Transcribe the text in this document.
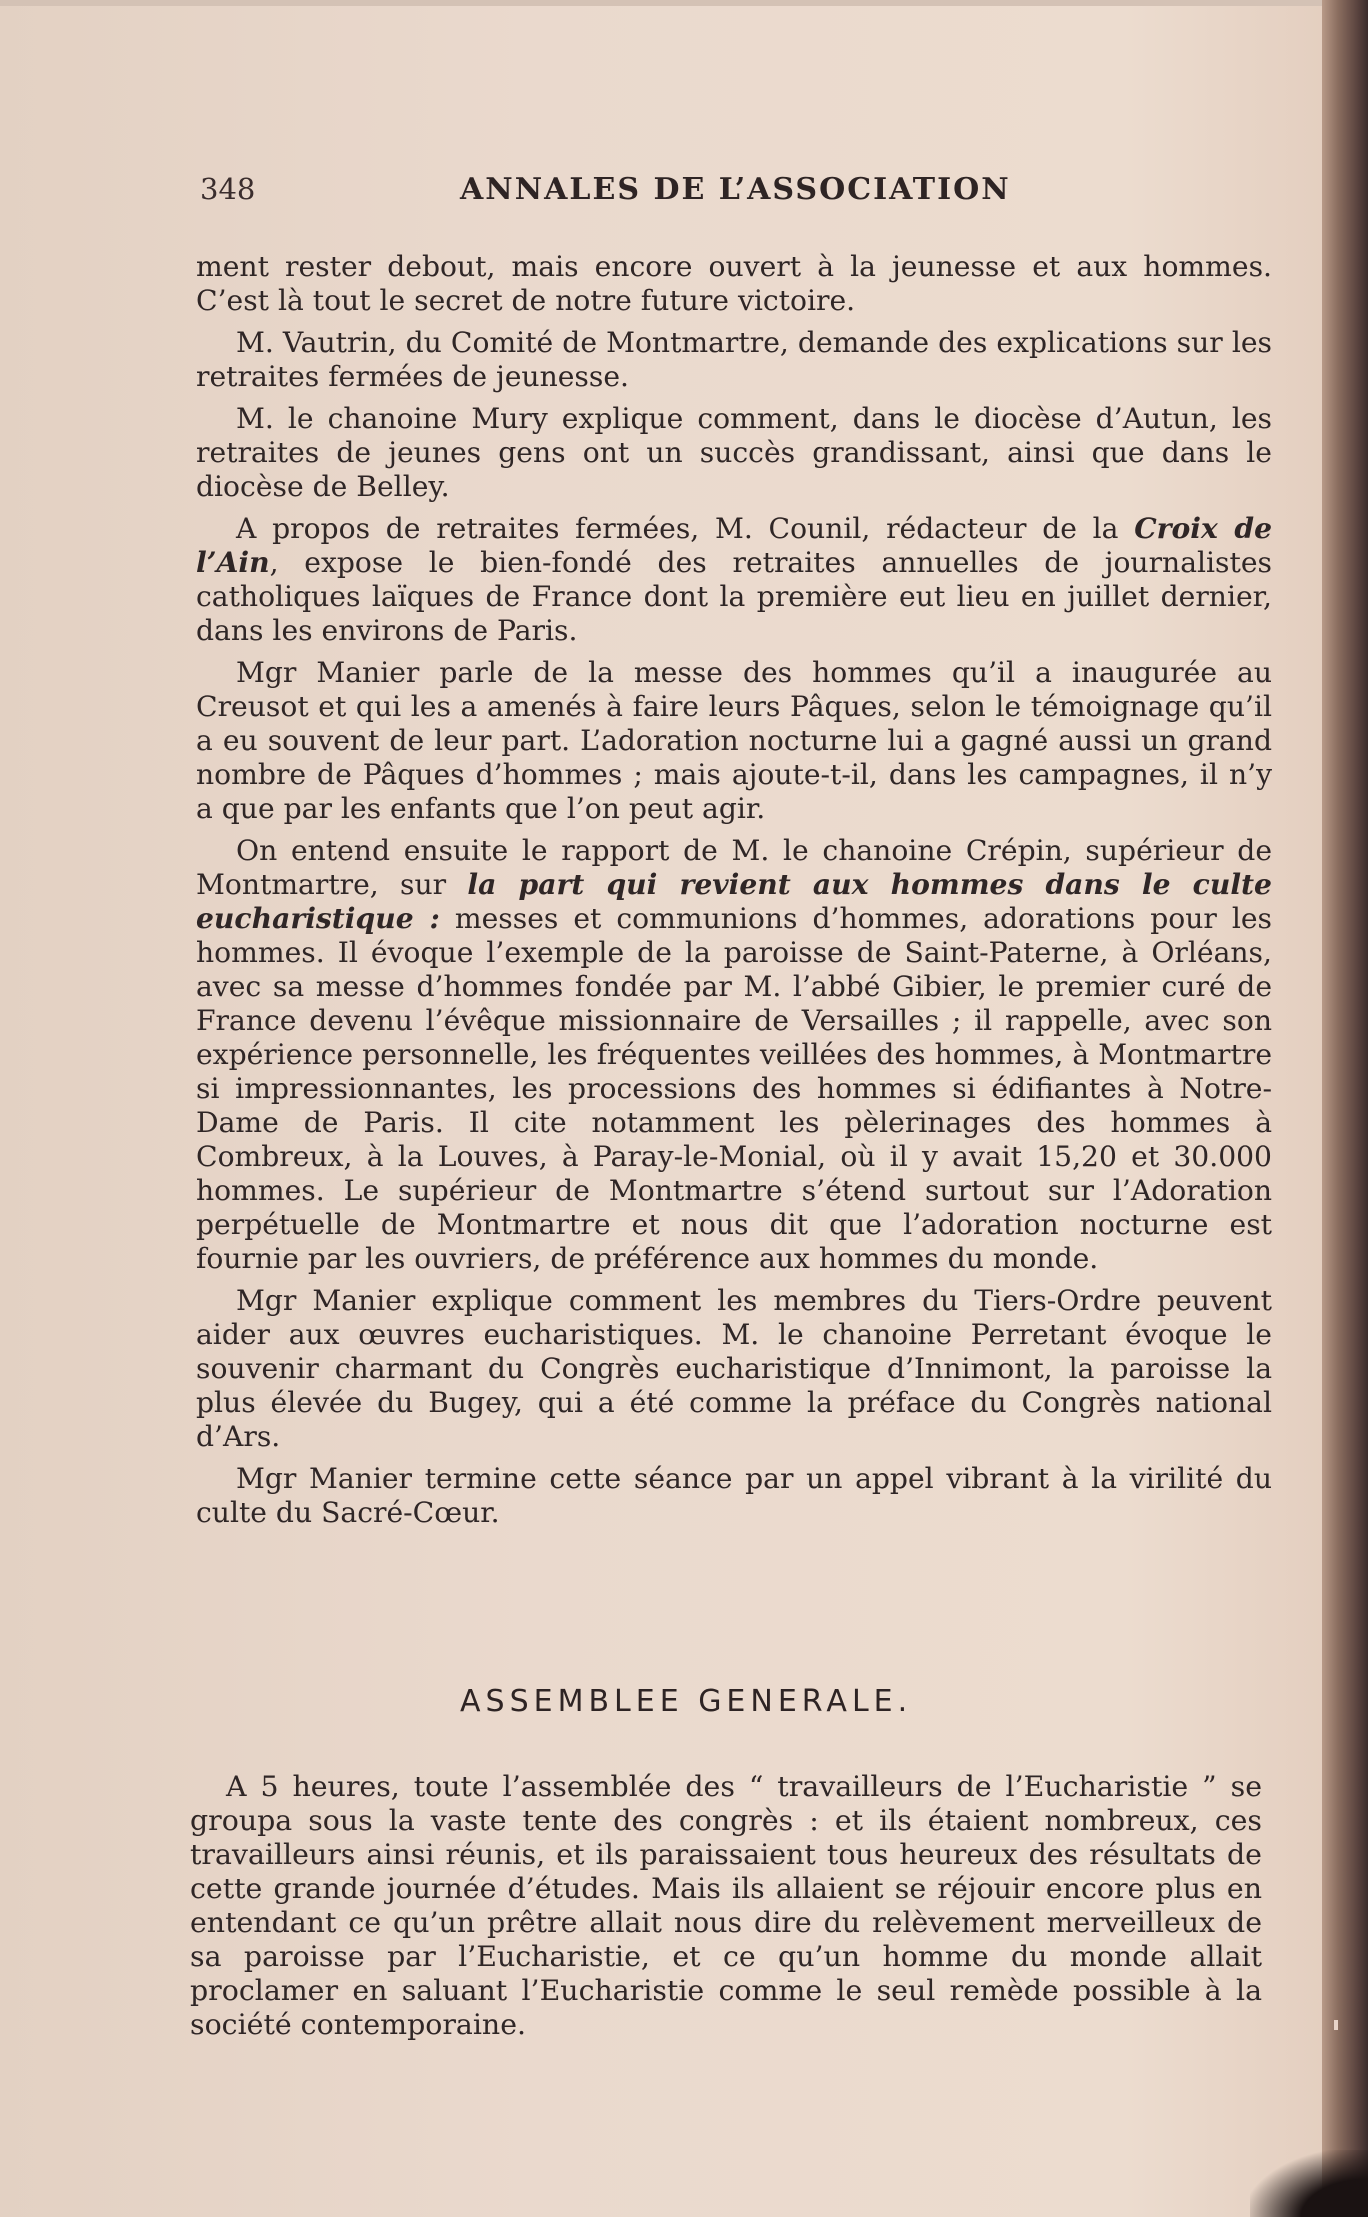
348	ANNALES DE L’ASSOCIATION

ment rester debout, mais encore ouvert à la jeunesse et aux hommes. C’est là tout le secret de notre future victoire.

M. Vautrin, du Comité de Montmartre, demande des explications sur les retraites fermées de jeunesse.

M. le chanoine Mury explique comment, dans le diocèse d’Autun, les retraites de jeunes gens ont un succès grandissant, ainsi que dans le diocèse de Belley.

A propos de retraites fermées, M. Counil, rédacteur de la Croix de l’Ain, expose le bien-fondé des retraites annuelles de journalistes catholiques laïques de France dont la première eut lieu en juillet dernier, dans les environs de Paris.

Mgr Manier parle de la messe des hommes qu’il a inaugurée au Creusot et qui les a amenés à faire leurs Pâques, selon le témoignage qu’il a eu souvent de leur part. L’adoration nocturne lui a gagné aussi un grand nombre de Pâques d’hommes ; mais ajoute-t-il, dans les campagnes, il n’y a que par les enfants que l’on peut agir.

On entend ensuite le rapport de M. le chanoine Crépin, supérieur de Montmartre, sur la part qui revient aux hommes dans le culte eucharistique : messes et communions d’hommes, adorations pour les hommes. Il évoque l’exemple de la paroisse de Saint-Paterne, à Orléans, avec sa messe d’hommes fondée par M. l’abbé Gibier, le premier curé de France devenu l’évêque missionnaire de Versailles ; il rappelle, avec son expérience personnelle, les fréquentes veillées des hommes, à Montmartre si impressionnantes, les processions des hommes si édifiantes à Notre-Dame de Paris. Il cite notamment les pèlerinages des hommes à Combreux, à la Louves, à Paray-le-Monial, où il y avait 15,20 et 30.000 hommes. Le supérieur de Montmartre s’étend surtout sur l’Adoration perpétuelle de Montmartre et nous dit que l’adoration nocturne est fournie par les ouvriers, de préférence aux hommes du monde.

Mgr Manier explique comment les membres du Tiers-Ordre peuvent aider aux œuvres eucharistiques. M. le chanoine Perretant évoque le souvenir charmant du Congrès eucharistique d’Innimont, la paroisse la plus élevée du Bugey, qui a été comme la préface du Congrès national d’Ars.

Mgr Manier termine cette séance par un appel vibrant à la virilité du culte du Sacré-Cœur.

ASSEMBLEE GENERALE.

A 5 heures, toute l’assemblée des “ travailleurs de l’Eucharistie ” se groupa sous la vaste tente des congrès : et ils étaient nombreux, ces travailleurs ainsi réunis, et ils paraissaient tous heureux des résultats de cette grande journée d’études. Mais ils allaient se réjouir encore plus en entendant ce qu’un prêtre allait nous dire du relèvement merveilleux de sa paroisse par l’Eucharistie, et ce qu’un homme du monde allait proclamer en saluant l’Eucharistie comme le seul remède possible à la société contemporaine.
